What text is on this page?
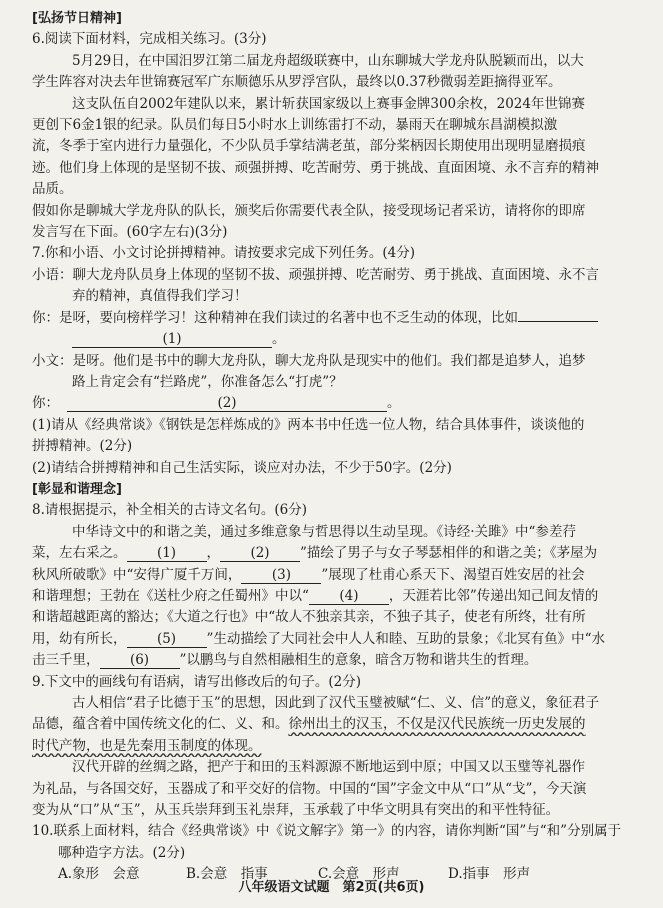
[弘扬节日精神]
6.阅读下面材料，完成相关练习。(3分)
5月29日，在中国汨罗江第二届龙舟超级联赛中，山东聊城大学龙舟队脱颖而出，以大
学生阵容对决去年世锦赛冠军广东顺德乐从罗浮宫队，最终以0.37秒微弱差距摘得亚军。
这支队伍自2002年建队以来，累计斩获国家级以上赛事金牌300余枚，2024年世锦赛
更创下6金1银的纪录。队员们每日5小时水上训练雷打不动，暴雨天在聊城东昌湖模拟激
流，冬季于室内进行力量强化，不少队员手掌结满老茧，部分桨柄因长期使用出现明显磨损痕
迹。他们身上体现的是坚韧不拔、顽强拼搏、吃苦耐劳、勇于挑战、直面困境、永不言弃的精神
品质。
假如你是聊城大学龙舟队的队长，颁奖后你需要代表全队，接受现场记者采访，请将你的即席
发言写在下面。(60字左右)(3分)
7.你和小语、小文讨论拼搏精神。请按要求完成下列任务。(4分)
小语：聊大龙舟队员身上体现的坚韧不拔、顽强拼搏、吃苦耐劳、勇于挑战、直面困境、永不言
弃的精神，真值得我们学习！
你：是呀，要向榜样学习！这种精神在我们读过的名著中也不乏生动的体现，比如
(1)	。
小文：是呀。他们是书中的聊大龙舟队，聊大龙舟队是现实中的他们。我们都是追梦人，追梦
路上肯定会有“拦路虎”，你准备怎么“打虎”？
你：	(2)	。
(1)请从《经典常谈》《钢铁是怎样炼成的》两本书中任选一位人物，结合具体事件，谈谈他的
拼搏精神。(2分)
(2)请结合拼搏精神和自己生活实际，谈应对办法，不少于50字。(2分)
[彰显和谐理念]
8.请根据提示，补全相关的古诗文名句。(6分)
中华诗文中的和谐之美，通过多维意象与哲思得以生动呈现。《诗经·关雎》中“参差荇
菜，左右采之。 (1) ， (2) ”描绘了男子与女子琴瑟相伴的和谐之美；《茅屋为
秋风所破歌》中“安得广厦千万间， (3) ”展现了杜甫心系天下、渴望百姓安居的社会
和谐理想；王勃在《送杜少府之任蜀州》中以“ (4) ，天涯若比邻”传递出知己间友情的
和谐超越距离的豁达；《大道之行也》中“故人不独亲其亲，不独子其子，使老有所终，壮有所
用，幼有所长， (5) ”生动描绘了大同社会中人人和睦、互助的景象；《北冥有鱼》中“水
击三千里， (6) ”以鹏鸟与自然相融相生的意象，暗含万物和谐共生的哲理。
9.下文中的画线句有语病，请写出修改后的句子。(2分)
古人相信“君子比德于玉”的思想，因此到了汉代玉璧被赋“仁、义、信”的意义，象征君子
品德，蕴含着中国传统文化的仁、义、和。徐州出土的汉玉，不仅是汉代民族统一历史发展的
时代产物，也是先秦用玉制度的体现。
汉代开辟的丝绸之路，把产于和田的玉料源源不断地运到中原；中国又以玉璧等礼器作
为礼品，与各国交好，玉器成了和平交好的信物。中国的“国”字金文中从“口”从“戈”，今天演
变为从“口”从“玉”，从玉兵崇拜到玉礼崇拜，玉承载了中华文明具有突出的和平性特征。
10.联系上面材料，结合《经典常谈》中《说文解字》第一》的内容，请你判断“国”与“和”分别属于
哪种造字方法。(2分)
A.象形　会意	B.会意　指事	C.会意　形声	D.指事　形声
八年级语文试题　第2页(共6页)
